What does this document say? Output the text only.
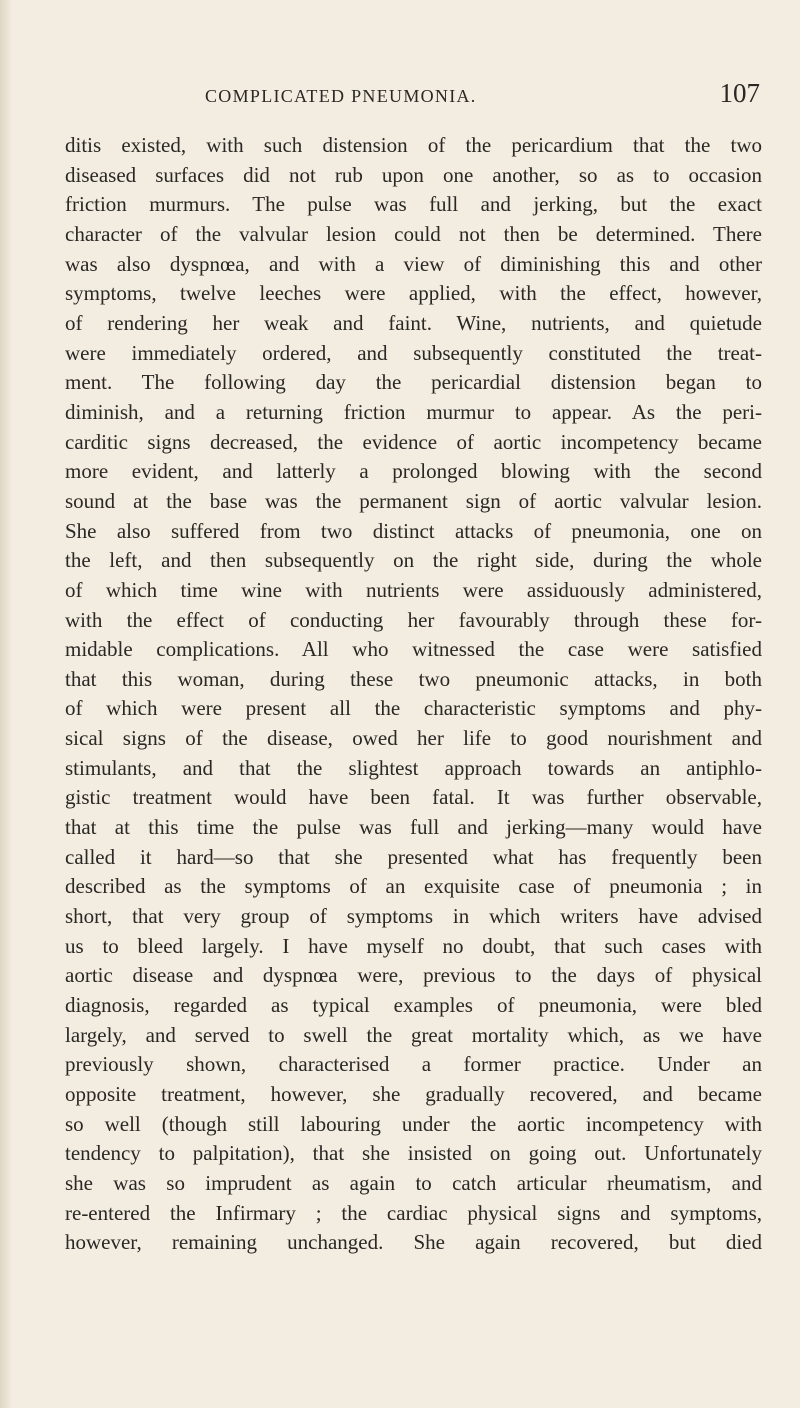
COMPLICATED PNEUMONIA.	107
ditis existed, with such distension of the pericardium that the two
diseased surfaces did not rub upon one another, so as to occasion
friction murmurs. The pulse was full and jerking, but the exact
character of the valvular lesion could not then be determined. There
was also dyspnœa, and with a view of diminishing this and other
symptoms, twelve leeches were applied, with the effect, however,
of rendering her weak and faint. Wine, nutrients, and quietude
were immediately ordered, and subsequently constituted the treat-
ment. The following day the pericardial distension began to
diminish, and a returning friction murmur to appear. As the peri-
carditic signs decreased, the evidence of aortic incompetency became
more evident, and latterly a prolonged blowing with the second
sound at the base was the permanent sign of aortic valvular lesion.
She also suffered from two distinct attacks of pneumonia, one on
the left, and then subsequently on the right side, during the whole
of which time wine with nutrients were assiduously administered,
with the effect of conducting her favourably through these for-
midable complications. All who witnessed the case were satisfied
that this woman, during these two pneumonic attacks, in both
of which were present all the characteristic symptoms and phy-
sical signs of the disease, owed her life to good nourishment and
stimulants, and that the slightest approach towards an antiphlo-
gistic treatment would have been fatal. It was further observable,
that at this time the pulse was full and jerking—many would have
called it hard—so that she presented what has frequently been
described as the symptoms of an exquisite case of pneumonia ; in
short, that very group of symptoms in which writers have advised
us to bleed largely. I have myself no doubt, that such cases with
aortic disease and dyspnœa were, previous to the days of physical
diagnosis, regarded as typical examples of pneumonia, were bled
largely, and served to swell the great mortality which, as we have
previously shown, characterised a former practice. Under an
opposite treatment, however, she gradually recovered, and became
so well (though still labouring under the aortic incompetency with
tendency to palpitation), that she insisted on going out. Unfortunately
she was so imprudent as again to catch articular rheumatism, and
re-entered the Infirmary ; the cardiac physical signs and symptoms,
however, remaining unchanged. She again recovered, but died
